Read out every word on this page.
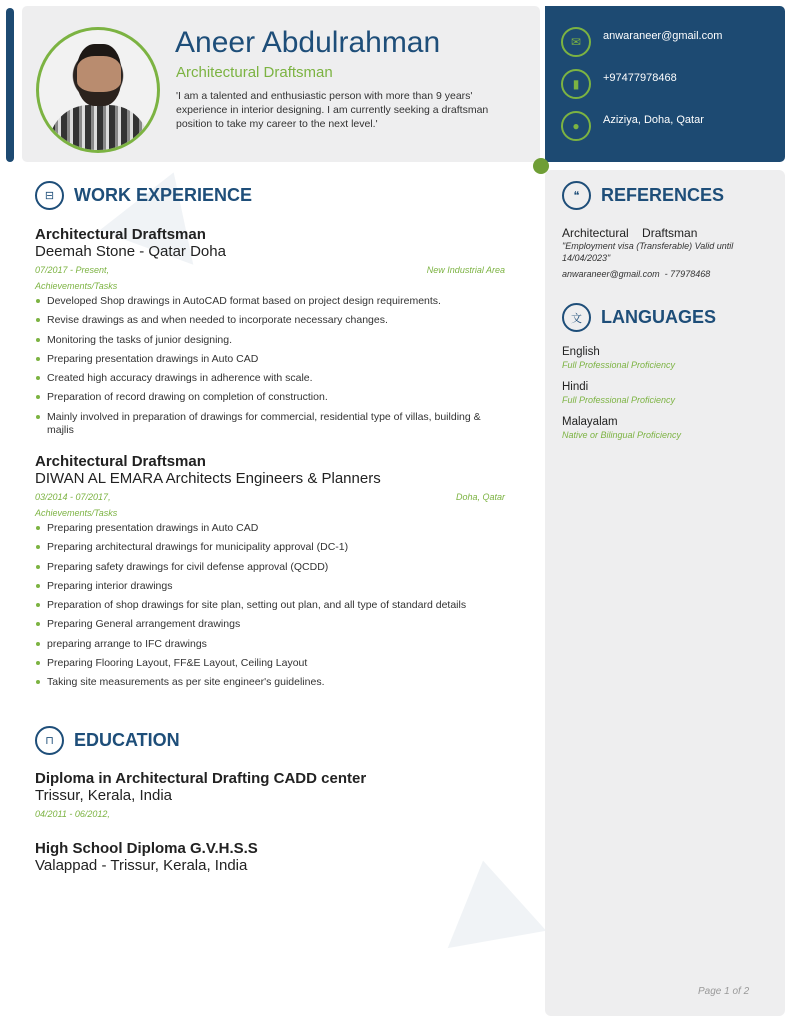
Aneer Abdulrahman
Architectural Draftsman
'I am a talented and enthusiastic person with more than 9 years' experience in interior designing. I am currently seeking a draftsman position to take my career to the next level.'
✉	anwaraneer@gmail.com
▮	+97477978468
●	Aziziya, Doha, Qatar
⊟	WORK EXPERIENCE
Architectural Draftsman
Deemah Stone - Qatar Doha
07/2017 - Present,	New Industrial Area
Achievements/Tasks
Developed Shop drawings in AutoCAD format based on project design requirements.
Revise drawings as and when needed to incorporate necessary changes.
Monitoring the tasks of junior designing.
Preparing presentation drawings in Auto CAD
Created high accuracy drawings in adherence with scale.
Preparation of record drawing on completion of construction.
Mainly involved in preparation of drawings for commercial, residential type of villas, building & majlis
Architectural Draftsman
DIWAN AL EMARA Architects Engineers & Planners
03/2014 - 07/2017,	Doha, Qatar
Achievements/Tasks
Preparing presentation drawings in Auto CAD
Preparing architectural drawings for municipality approval (DC-1)
Preparing safety drawings for civil defense approval (QCDD)
Preparing interior drawings
Preparation of shop drawings for site plan, setting out plan, and all type of standard details
Preparing General arrangement drawings
preparing arrange to IFC drawings
Preparing Flooring Layout, FF&E Layout, Ceiling Layout
Taking site measurements as per site engineer's guidelines.
⊓	EDUCATION
Diploma in Architectural Drafting CADD center
Trissur, Kerala, India
04/2011 - 06/2012,
High School Diploma G.V.H.S.S
Valappad - Trissur, Kerala, India
❝	REFERENCES
Architectural    Draftsman
"Employment visa (Transferable) Valid until 14/04/2023"
anwaraneer@gmail.com  - 77978468
文	LANGUAGES
English
Full Professional Proficiency
Hindi
Full Professional Proficiency
Malayalam
Native or Bilingual Proficiency
Page 1 of 2
